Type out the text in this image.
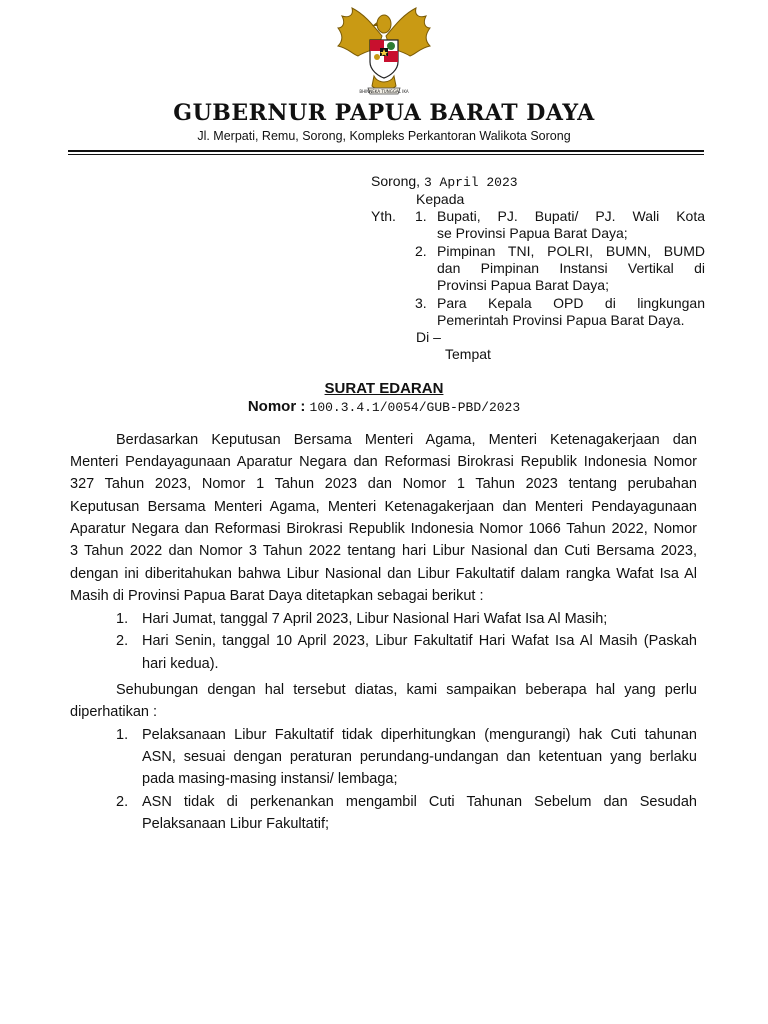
BHINNEKA TUNGGAL IKA
GUBERNUR PAPUA BARAT DAYA
Jl. Merpati, Remu, Sorong, Kompleks Perkantoran Walikota Sorong
Sorong, 3 April 2023
Kepada
Yth. 1. Bupati, PJ. Bupati/ PJ. Wali Kota
se Provinsi Papua Barat Daya;
2. Pimpinan TNI, POLRI, BUMN, BUMD
dan Pimpinan Instansi Vertikal di
Provinsi Papua Barat Daya;
3. Para Kepala OPD di lingkungan
Pemerintah Provinsi Papua Barat Daya.
Di –
Tempat
SURAT EDARAN
Nomor : 100.3.4.1/0054/GUB-PBD/2023
Berdasarkan Keputusan Bersama Menteri Agama, Menteri Ketenagakerjaan dan
Menteri Pendayagunaan Aparatur Negara dan Reformasi Birokrasi Republik Indonesia Nomor
327 Tahun 2023, Nomor 1 Tahun 2023 dan Nomor 1 Tahun 2023 tentang perubahan
Keputusan Bersama Menteri Agama, Menteri Ketenagakerjaan dan Menteri Pendayagunaan
Aparatur Negara dan Reformasi Birokrasi Republik Indonesia Nomor 1066 Tahun 2022, Nomor
3 Tahun 2022 dan Nomor 3 Tahun 2022 tentang hari Libur Nasional dan Cuti Bersama 2023,
dengan ini diberitahukan bahwa Libur Nasional dan Libur Fakultatif dalam rangka Wafat Isa Al
Masih di Provinsi Papua Barat Daya ditetapkan sebagai berikut :
1. Hari Jumat, tanggal 7 April 2023, Libur Nasional Hari Wafat Isa Al Masih;
2. Hari Senin, tanggal 10 April 2023, Libur Fakultatif Hari Wafat Isa Al Masih (Paskah
hari kedua).
Sehubungan dengan hal tersebut diatas, kami sampaikan beberapa hal yang perlu
diperhatikan :
1. Pelaksanaan Libur Fakultatif tidak diperhitungkan (mengurangi) hak Cuti tahunan
ASN, sesuai dengan peraturan perundang-undangan dan ketentuan yang berlaku
pada masing-masing instansi/ lembaga;
2. ASN tidak di perkenankan mengambil Cuti Tahunan Sebelum dan Sesudah
Pelaksanaan Libur Fakultatif;
